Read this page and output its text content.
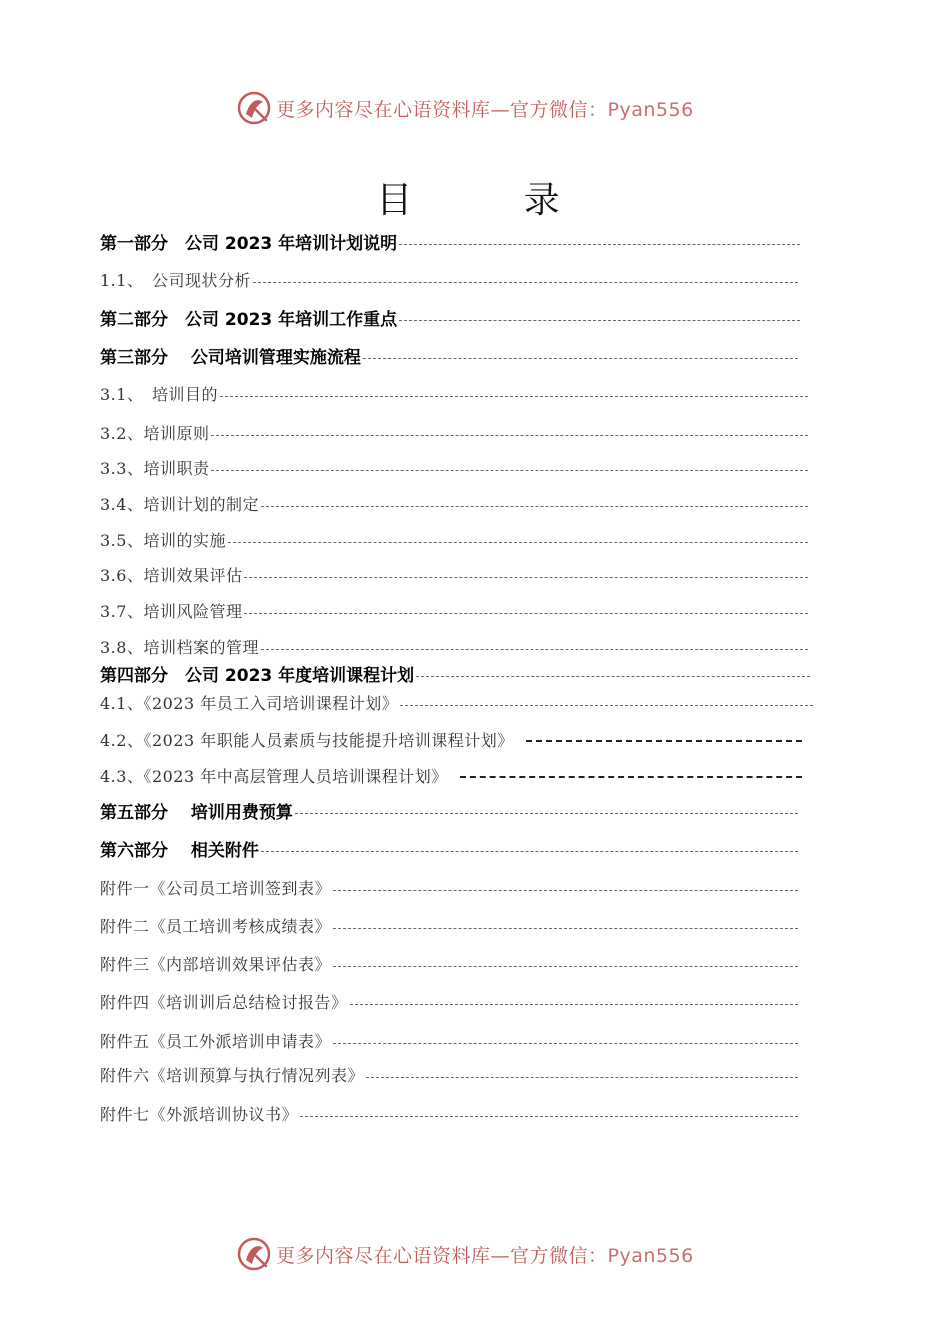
更多内容尽在心语资料库—官方微信：Pyan556
目 录
第一部分　公司 2023 年培训计划说明
1.1、　公司现状分析
第二部分　公司 2023 年培训工作重点
第三部分　 公司培训管理实施流程
3.1、　培训目的
3.2、培训原则
3.3、培训职责
3.4、培训计划的制定
3.5、培训的实施
3.6、培训效果评估
3.7、培训风险管理
3.8、培训档案的管理
第四部分　公司 2023 年度培训课程计划
4.1、《2023 年员工入司培训课程计划》
4.2、《2023 年职能人员素质与技能提升培训课程计划》
4.3、《2023 年中高层管理人员培训课程计划》
第五部分　 培训用费预算
第六部分　 相关附件
附件一《公司员工培训签到表》
附件二《员工培训考核成绩表》
附件三《内部培训效果评估表》
附件四《培训训后总结检讨报告》
附件五《员工外派培训申请表》
附件六《培训预算与执行情况列表》
附件七《外派培训协议书》
更多内容尽在心语资料库—官方微信：Pyan556
